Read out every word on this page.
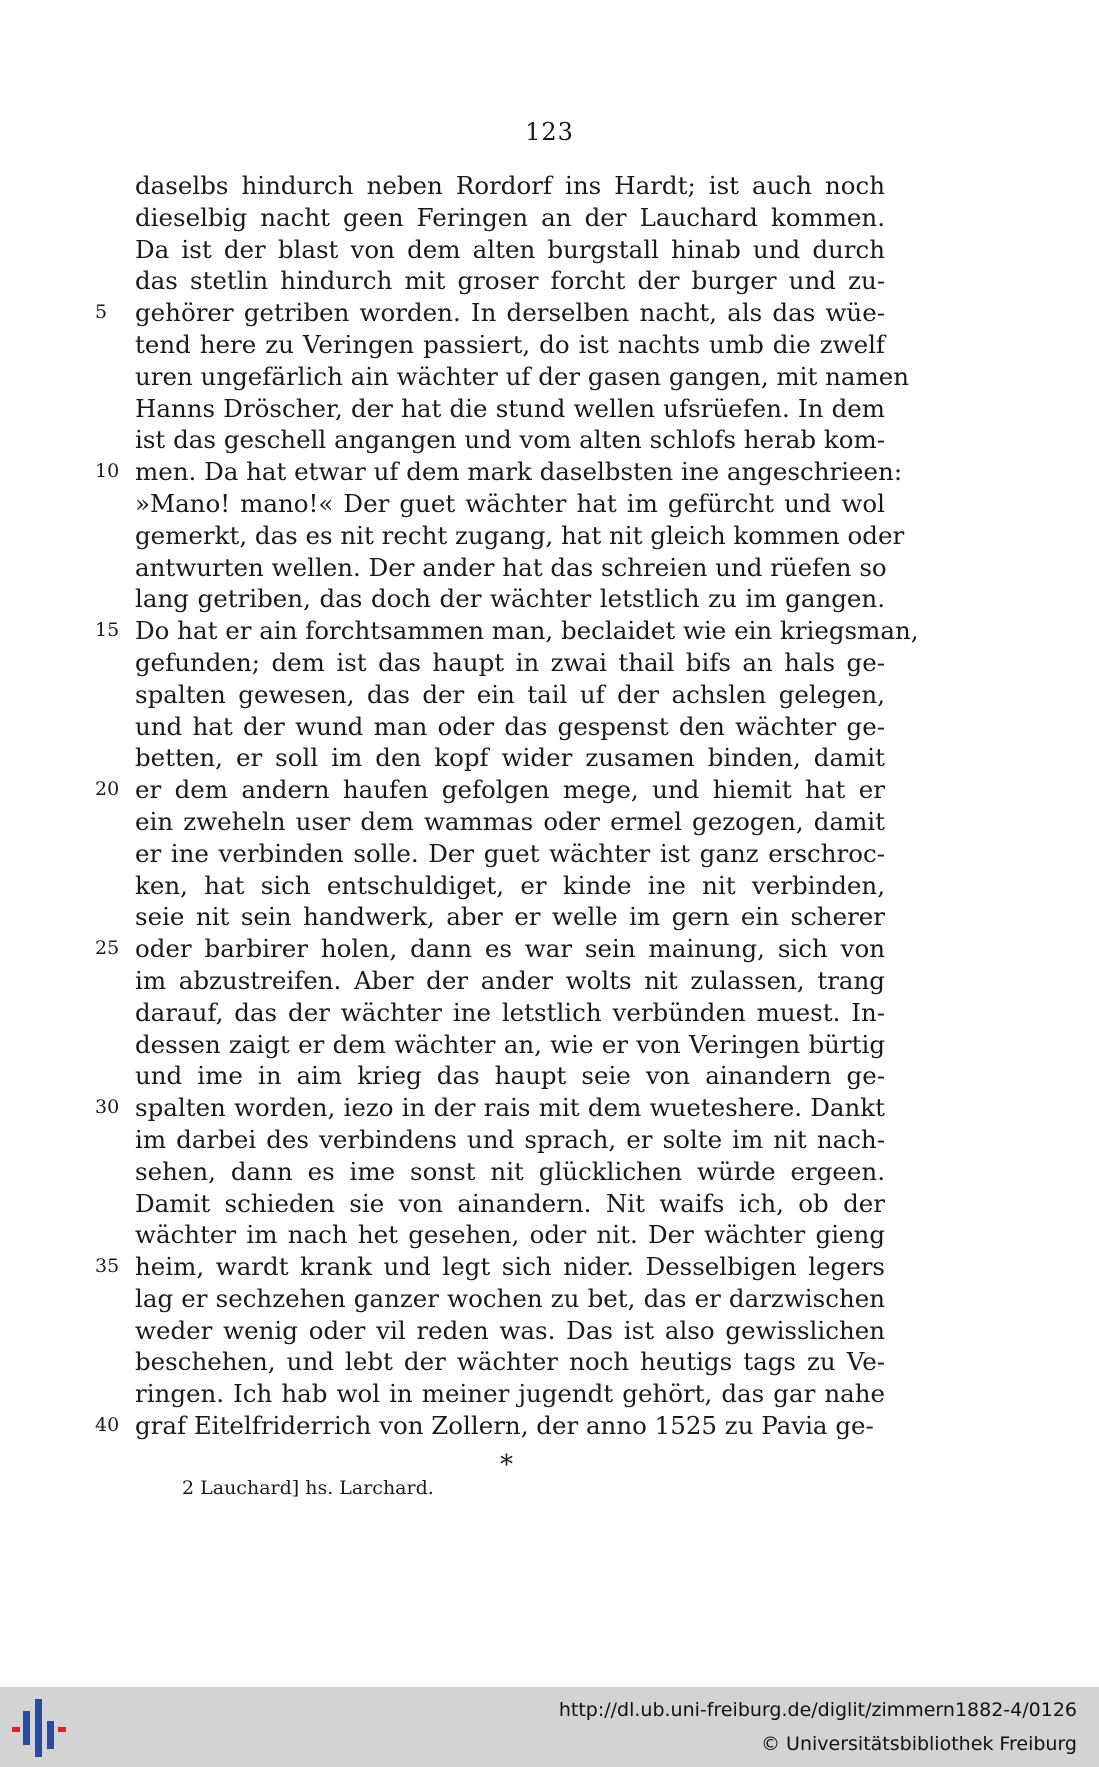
123
daselbs hindurch neben Rordorf ins Hardt; ist auch noch
dieselbig nacht geen Feringen an der Lauchard kommen.
Da ist der blast von dem alten burgstall hinab und durch
das stetlin hindurch mit groser forcht der burger und zu-
5	gehörer getriben worden. In derselben nacht, als das wüe-
tend here zu Veringen passiert, do ist nachts umb die zwelf
uren ungefärlich ain wächter uf der gasen gangen, mit namen
Hanns Dröscher, der hat die stund wellen ufsrüefen. In dem
ist das geschell angangen und vom alten schlofs herab kom-
10 men. Da hat etwar uf dem mark daselbsten ine angeschrieen:
»Mano! mano!« Der guet wächter hat im gefürcht und wol
gemerkt, das es nit recht zugang, hat nit gleich kommen oder
antwurten wellen. Der ander hat das schreien und rüefen so
lang getriben, das doch der wächter letstlich zu im gangen.
15 Do hat er ain forchtsammen man, beclaidet wie ein kriegsman,
gefunden; dem ist das haupt in zwai thail bifs an hals ge-
spalten gewesen, das der ein tail uf der achslen gelegen,
und hat der wund man oder das gespenst den wächter ge-
betten, er soll im den kopf wider zusamen binden, damit
20 er dem andern haufen gefolgen mege, und hiemit hat er
ein zweheln user dem wammas oder ermel gezogen, damit
er ine verbinden solle. Der guet wächter ist ganz erschroc-
ken, hat sich entschuldiget, er kinde ine nit verbinden,
seie nit sein handwerk, aber er welle im gern ein scherer
25 oder barbirer holen, dann es war sein mainung, sich von
im abzustreifen. Aber der ander wolts nit zulassen, trang
darauf, das der wächter ine letstlich verbünden muest. In-
dessen zaigt er dem wächter an, wie er von Veringen bürtig
und ime in aim krieg das haupt seie von ainandern ge-
30 spalten worden, iezo in der rais mit dem wueteshere. Dankt
im darbei des verbindens und sprach, er solte im nit nach-
sehen, dann es ime sonst nit glücklichen würde ergeen.
Damit schieden sie von ainandern. Nit waifs ich, ob der
wächter im nach het gesehen, oder nit. Der wächter gieng
35 heim, wardt krank und legt sich nider. Desselbigen legers
lag er sechzehen ganzer wochen zu bet, das er darzwischen
weder wenig oder vil reden was. Das ist also gewisslichen
beschehen, und lebt der wächter noch heutigs tags zu Ve-
ringen. Ich hab wol in meiner jugendt gehört, das gar nahe
40 graf Eitelfriderrich von Zollern, der anno 1525 zu Pavia ge-
*
2 Lauchard] hs. Larchard.
http://dl.ub.uni-freiburg.de/diglit/zimmern1882-4/0126
© Universitätsbibliothek Freiburg
